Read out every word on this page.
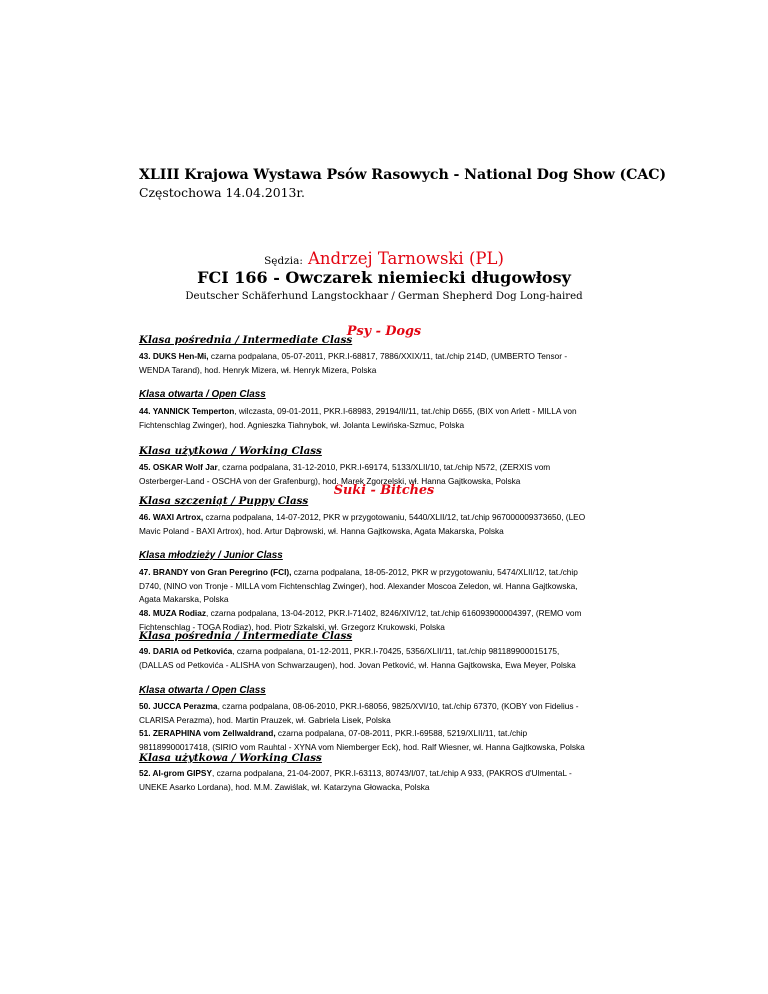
XLIII Krajowa Wystawa Psów Rasowych - National Dog Show (CAC)
Częstochowa 14.04.2013r.
Sędzia: Andrzej Tarnowski (PL)
FCI 166 - Owczarek niemiecki długowłosy
Deutscher Schäferhund Langstockhaar / German Shepherd Dog Long-haired
Psy - Dogs
Klasa pośrednia / Intermediate Class
43. DUKS Hen-Mi, czarna podpalana, 05-07-2011, PKR.I-68817, 7886/XXIX/11, tat./chip 214D, (UMBERTO Tensor -
WENDA Tarand), hod. Henryk Mizera, wł. Henryk Mizera, Polska
Klasa otwarta / Open Class
44. YANNICK Temperton, wilczasta, 09-01-2011, PKR.I-68983, 29194/II/11, tat./chip D655, (BIX von Arlett - MILLA von
Fichtenschlag Zwinger), hod. Agnieszka Tiahnybok, wł. Jolanta Lewińska-Szmuc, Polska
Klasa użytkowa / Working Class
45. OSKAR Wolf Jar, czarna podpalana, 31-12-2010, PKR.I-69174, 5133/XLII/10, tat./chip N572, (ZERXIS vom
Osterberger-Land - OSCHA von der Grafenburg), hod. Marek Zgorzelski, wł. Hanna Gajtkowska, Polska
Suki - Bitches
Klasa szczeniąt / Puppy Class
46. WAXI Artrox, czarna podpalana, 14-07-2012, PKR w przygotowaniu, 5440/XLII/12, tat./chip 967000009373650, (LEO
Mavic Poland - BAXI Artrox), hod. Artur Dąbrowski, wł. Hanna Gajtkowska, Agata Makarska, Polska
Klasa młodzieży / Junior Class
47. BRANDY von Gran Peregrino (FCI), czarna podpalana, 18-05-2012, PKR w przygotowaniu, 5474/XLII/12, tat./chip
D740, (NINO von Tronje - MILLA vom Fichtenschlag Zwinger), hod. Alexander Moscoa Zeledon, wł. Hanna Gajtkowska,
Agata Makarska, Polska
48. MUZA Rodiaz, czarna podpalana, 13-04-2012, PKR.I-71402, 8246/XIV/12, tat./chip 616093900004397, (REMO vom
Fichtenschlag - TOGA Rodiaz), hod. Piotr Szkalski, wł. Grzegorz Krukowski, Polska
Klasa pośrednia / Intermediate Class
49. DARIA od Petkovića, czarna podpalana, 01-12-2011, PKR.I-70425, 5356/XLII/11, tat./chip 981189900015175,
(DALLAS od Petkovića - ALISHA von Schwarzaugen), hod. Jovan Petković, wł. Hanna Gajtkowska, Ewa Meyer, Polska
Klasa otwarta / Open Class
50. JUCCA Perazma, czarna podpalana, 08-06-2010, PKR.I-68056, 9825/XVI/10, tat./chip 67370, (KOBY von Fidelius -
CLARISA Perazma), hod. Martin Prauzek, wł. Gabriela Lisek, Polska
51. ZERAPHINA vom Zellwaldrand, czarna podpalana, 07-08-2011, PKR.I-69588, 5219/XLII/11, tat./chip
981189900017418, (SIRIO vom Rauhtal - XYNA vom Niemberger Eck), hod. Ralf Wiesner, wł. Hanna Gajtkowska, Polska
Klasa użytkowa / Working Class
52. Al-grom GIPSY, czarna podpalana, 21-04-2007, PKR.I-63113, 80743/I/07, tat./chip A 933, (PAKROS d'UlmentaL -
UNEKE Asarko Lordana), hod. M.M. Zawiślak, wł. Katarzyna Głowacka, Polska
